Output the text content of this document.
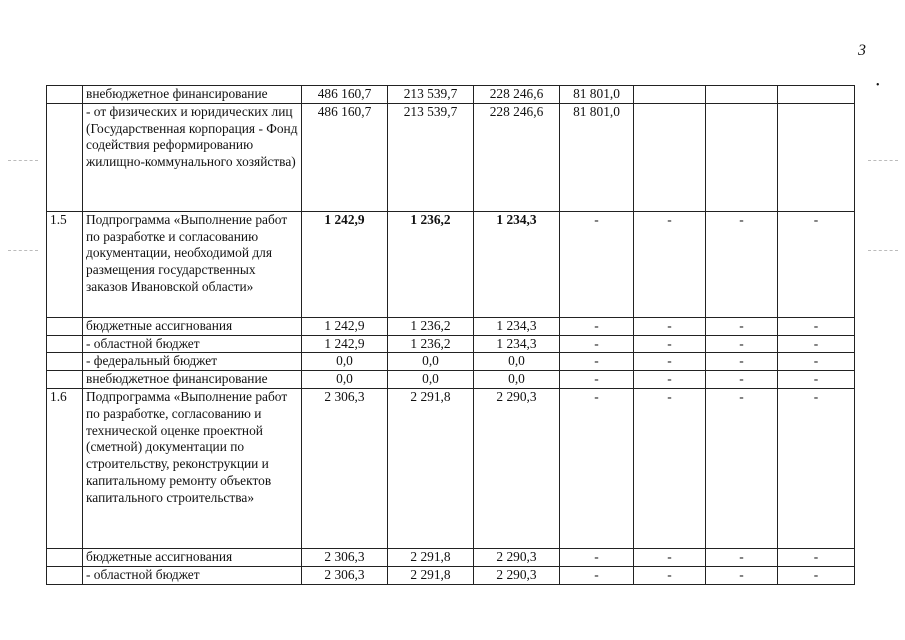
3
•
	внебюджетное финансирование	486 160,7	213 539,7	228 246,6	81 801,0			
	- от физических и юридических лиц
(Государственная корпорация - Фонд содействия реформированию жилищно-коммунального хозяйства)	486 160,7	213 539,7	228 246,6	81 801,0			
1.5	Подпрограмма «Выполнение работ по разработке и согласованию документации, необходимой для размещения государственных заказов Ивановской области»	1 242,9	1 236,2	1 234,3	-	-	-	-
	бюджетные ассигнования	1 242,9	1 236,2	1 234,3	-	-	-	-
	- областной бюджет	1 242,9	1 236,2	1 234,3	-	-	-	-
	- федеральный бюджет	0,0	0,0	0,0	-	-	-	-
	внебюджетное финансирование	0,0	0,0	0,0	-	-	-	-
1.6	Подпрограмма «Выполнение работ по разработке, согласованию и технической оценке проектной (сметной) документации по строительству, реконструкции и капитальному ремонту объектов капитального строительства»	2 306,3	2 291,8	2 290,3	-	-	-	-
	бюджетные ассигнования	2 306,3	2 291,8	2 290,3	-	-	-	-
	- областной бюджет	2 306,3	2 291,8	2 290,3	-	-	-	-
